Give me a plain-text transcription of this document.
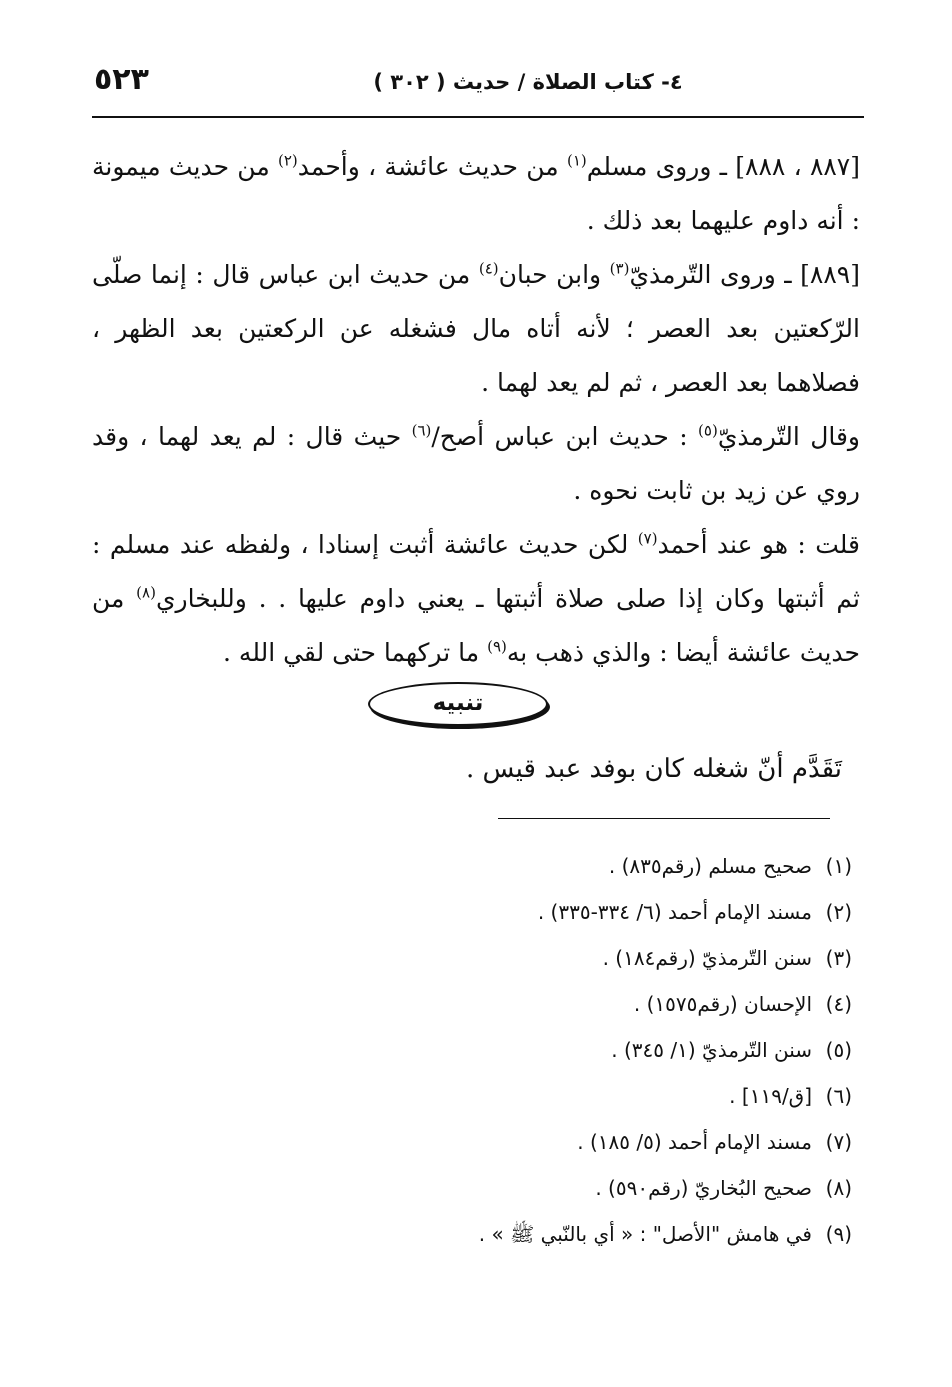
٥٢٣	٤- كتاب الصلاة / حديث ( ٣٠٢ )

[٨٨٧ ، ٨٨٨] ـ وروى مسلم$^{(١)}$ من حديث عائشة ، وأحمد$^{(٢)}$ من حديث ميمونة : أنه داوم عليهما بعد ذلك .

[٨٨٩] ـ وروى التّرمذيّ$^{(٣)}$ وابن حبان$^{(٤)}$ من حديث ابن عباس قال : إنما صلّى الرّكعتين بعد العصر ؛ لأنه أتاه مال فشغله عن الركعتين بعد الظهر ، فصلاهما بعد العصر ، ثم لم يعد لهما .

وقال التّرمذيّ$^{(٥)}$ : حديث ابن عباس أصح/$^{(٦)}$ حيث قال : لم يعد لهما ، وقد روي عن زيد بن ثابت نحوه .

قلت : هو عند أحمد$^{(٧)}$ لكن حديث عائشة أثبت إسنادا ، ولفظه عند مسلم : ثم أثبتها وكان إذا صلى صلاة أثبتها ـ يعني داوم عليها . . وللبخاري$^{(٨)}$ من حديث عائشة أيضا : والذي ذهب به$^{(٩)}$ ما تركهما حتى لقي الله .

تنبيه
تَقَدَّم أنّ شغله كان بوفد عبد قيس .
(١)صحيح مسلم (رقم٨٣٥) .
(٢)مسند الإمام أحمد (٦/ ٣٣٤-٣٣٥) .
(٣)سنن التّرمذيّ (رقم١٨٤) .
(٤)الإحسان (رقم١٥٧٥) .
(٥)سنن التّرمذيّ (١/ ٣٤٥) .
(٦)[ق/١١٩] .
(٧)مسند الإمام أحمد (٥/ ١٨٥) .
(٨)صحيح البُخاريّ (رقم٥٩٠) .
(٩)في هامش "الأصل" : « أي بالنّبي ﷺ » .
